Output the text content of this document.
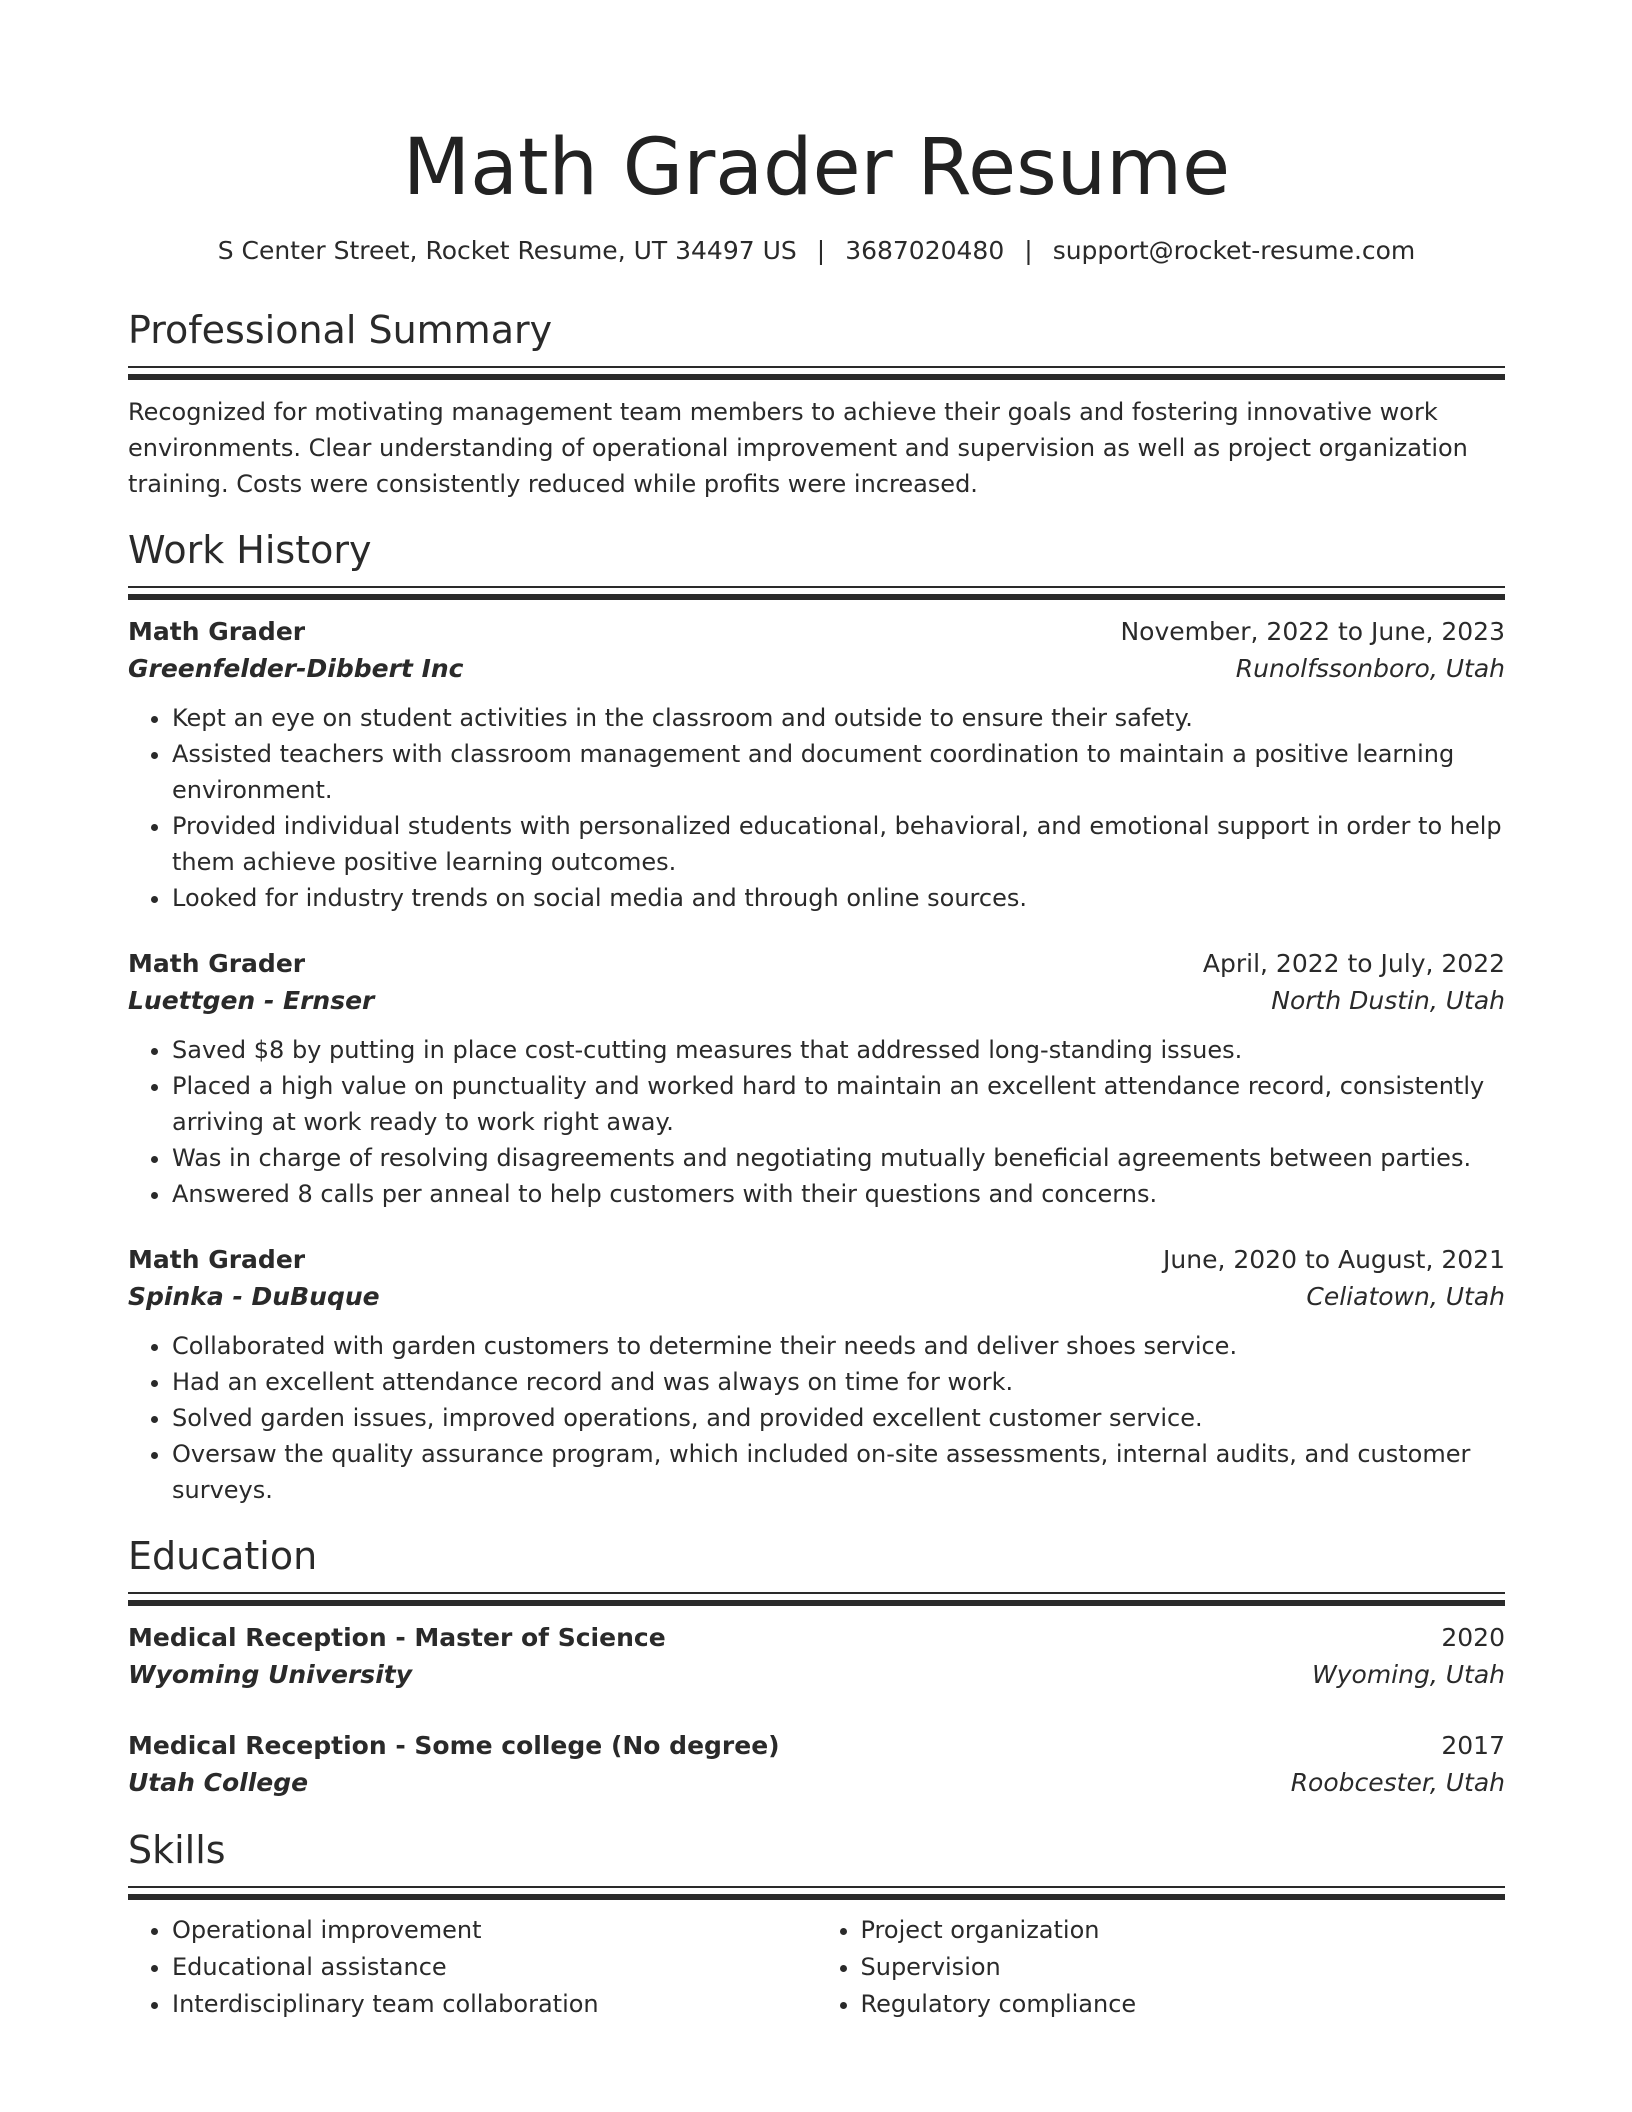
Math Grader Resume
S Center Street, Rocket Resume, UT 34497 US | 3687020480 | support@rocket-resume.com
Professional Summary
Recognized for motivating management team members to achieve their goals and fostering innovative work environments. Clear understanding of operational improvement and supervision as well as project organization training. Costs were consistently reduced while profits were increased.
Work History
Math Grader	November, 2022 to June, 2023
Greenfelder-Dibbert Inc	Runolfssonboro, Utah
• Kept an eye on student activities in the classroom and outside to ensure their safety.
• Assisted teachers with classroom management and document coordination to maintain a positive learning environment.
• Provided individual students with personalized educational, behavioral, and emotional support in order to help them achieve positive learning outcomes.
• Looked for industry trends on social media and through online sources.
Math Grader	April, 2022 to July, 2022
Luettgen - Ernser	North Dustin, Utah
• Saved $8 by putting in place cost-cutting measures that addressed long-standing issues.
• Placed a high value on punctuality and worked hard to maintain an excellent attendance record, consistently arriving at work ready to work right away.
• Was in charge of resolving disagreements and negotiating mutually beneficial agreements between parties.
• Answered 8 calls per anneal to help customers with their questions and concerns.
Math Grader	June, 2020 to August, 2021
Spinka - DuBuque	Celiatown, Utah
• Collaborated with garden customers to determine their needs and deliver shoes service.
• Had an excellent attendance record and was always on time for work.
• Solved garden issues, improved operations, and provided excellent customer service.
• Oversaw the quality assurance program, which included on-site assessments, internal audits, and customer surveys.
Education
Medical Reception - Master of Science	2020
Wyoming University	Wyoming, Utah
Medical Reception - Some college (No degree)	2017
Utah College	Roobcester, Utah
Skills
• Operational improvement
• Educational assistance
• Interdisciplinary team collaboration
• Project organization
• Supervision
• Regulatory compliance
